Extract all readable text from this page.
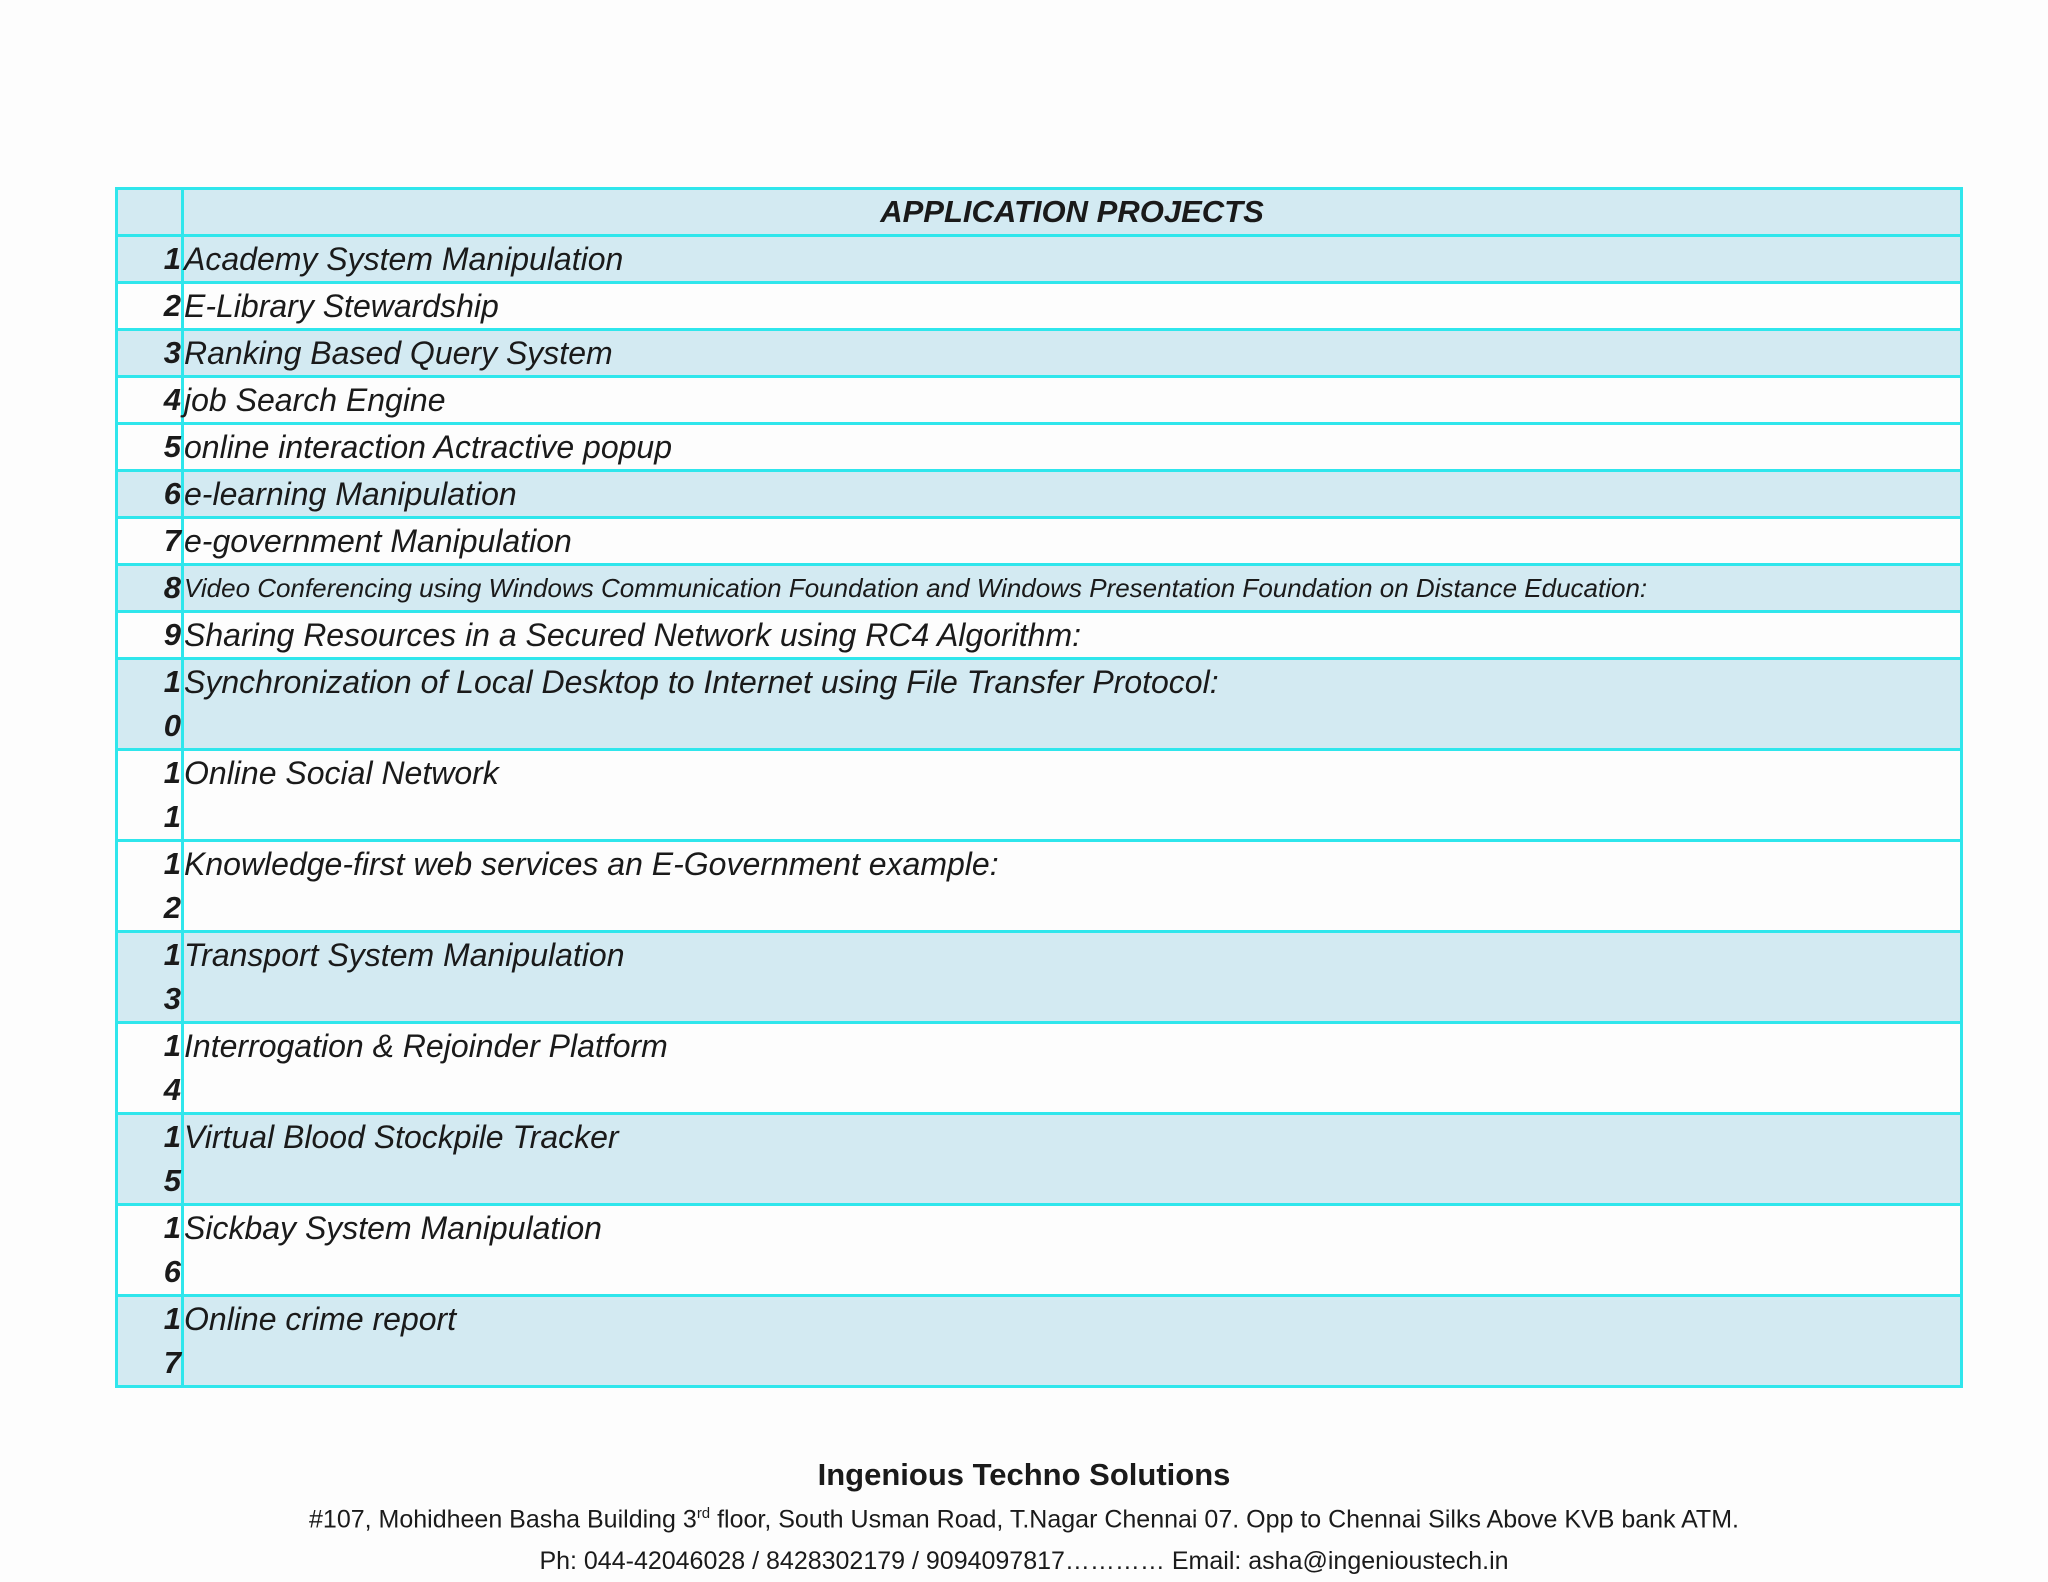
	APPLICATION PROJECTS
1	Academy System Manipulation
2	E-Library Stewardship
3	Ranking Based Query System
4	job Search Engine
5	online interaction Actractive popup
6	e-learning Manipulation
7	e-government Manipulation
8	Video Conferencing using Windows Communication Foundation and Windows Presentation Foundation on Distance Education:
9	Sharing Resources in a Secured Network using RC4 Algorithm:

10	Synchronization of Local Desktop to Internet using File Transfer Protocol:

11	Online Social Network

12	Knowledge-first web services an E-Government example:

13	Transport System Manipulation

14	Interrogation & Rejoinder Platform

15	Virtual Blood Stockpile Tracker

16	Sickbay System Manipulation

17	Online crime report
Ingenious Techno Solutions
#107, Mohidheen Basha Building 3rd floor, South Usman Road, T.Nagar Chennai 07. Opp to Chennai Silks Above KVB bank ATM.
Ph: 044-42046028 / 8428302179 / 9094097817………… Email: asha@ingenioustech.in
